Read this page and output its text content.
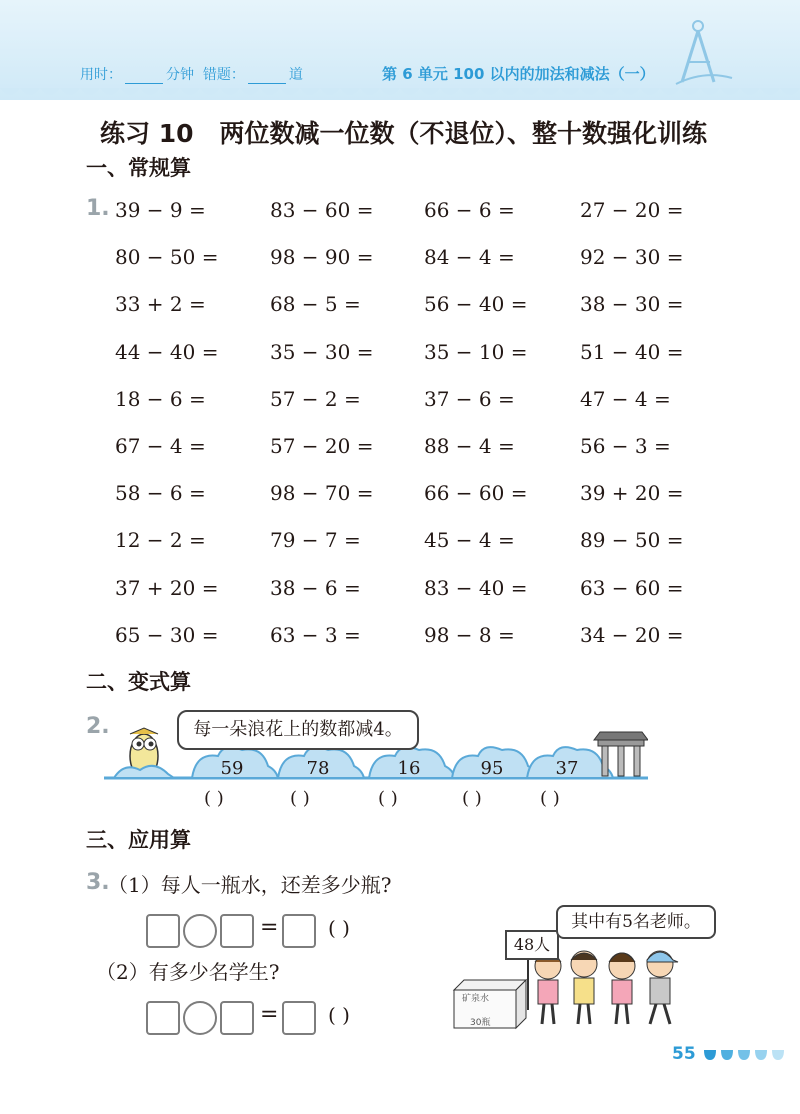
用时：	分钟 错题：	道	第 6 单元 100 以内的加法和减法（一）
练习 10 两位数减一位数（不退位）、整十数强化训练
一、常规算
1. 39 − 9 =	83 − 60 =	66 − 6 =	27 − 20 =
80 − 50 =	98 − 90 =	84 − 4 =	92 − 30 =
33 + 2 =	68 − 5 =	56 − 40 =	38 − 30 =
44 − 40 =	35 − 30 =	35 − 10 =	51 − 40 =
18 − 6 =	57 − 2 =	37 − 6 =	47 − 4 =
67 − 4 =	57 − 20 =	88 − 4 =	56 − 3 =
58 − 6 =	98 − 70 =	66 − 60 =	39 + 20 =
12 − 2 =	79 − 7 =	45 − 4 =	89 − 50 =
37 + 20 =	38 − 6 =	83 − 40 =	63 − 60 =
65 − 30 =	63 − 3 =	98 − 8 =	34 − 20 =
二、变式算
2.	每一朵浪花上的数都减4。
59	78	16	95	37
( )	( )	( )	( )	( )
三、应用算
3.
（1）每人一瓶水，还差多少瓶?
= ( )
（2）有多少名学生?
= ( )
矿泉水
30瓶
48人
其中有5名老师。
55
